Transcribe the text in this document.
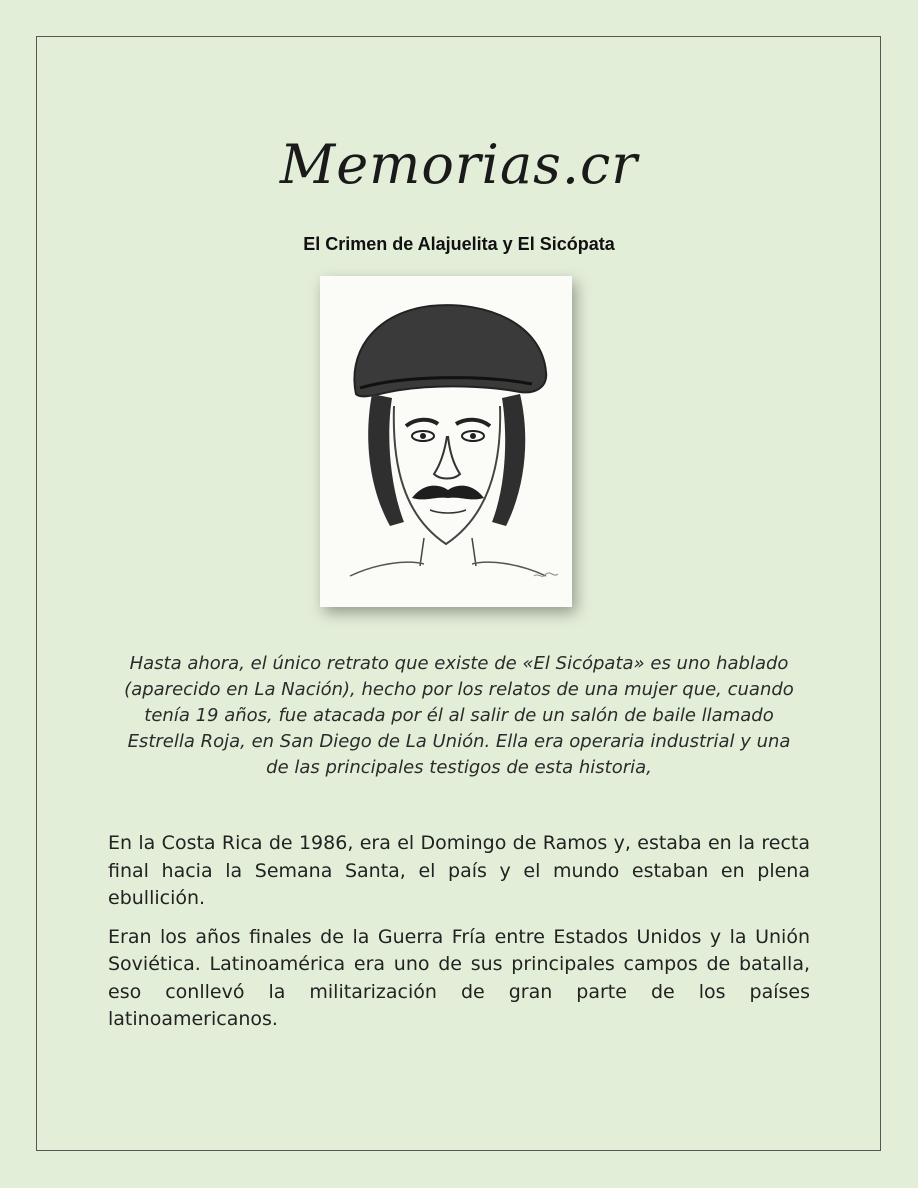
Memorias.cr
El Crimen de Alajuelita y El Sicópata
Hasta ahora, el único retrato que existe de «El Sicópata» es uno hablado (aparecido en La Nación), hecho por los relatos de una mujer que, cuando tenía 19 años, fue atacada por él al salir de un salón de baile llamado Estrella Roja, en San Diego de La Unión. Ella era operaria industrial y una de las principales testigos de esta historia,

En la Costa Rica de 1986, era el Domingo de Ramos y, estaba en la recta final hacia la Semana Santa, el país y el mundo estaban en plena ebullición.

Eran los años finales de la Guerra Fría entre Estados Unidos y la Unión Soviética. Latinoamérica era uno de sus principales campos de batalla, eso conllevó la militarización de gran parte de los países latinoamericanos.
